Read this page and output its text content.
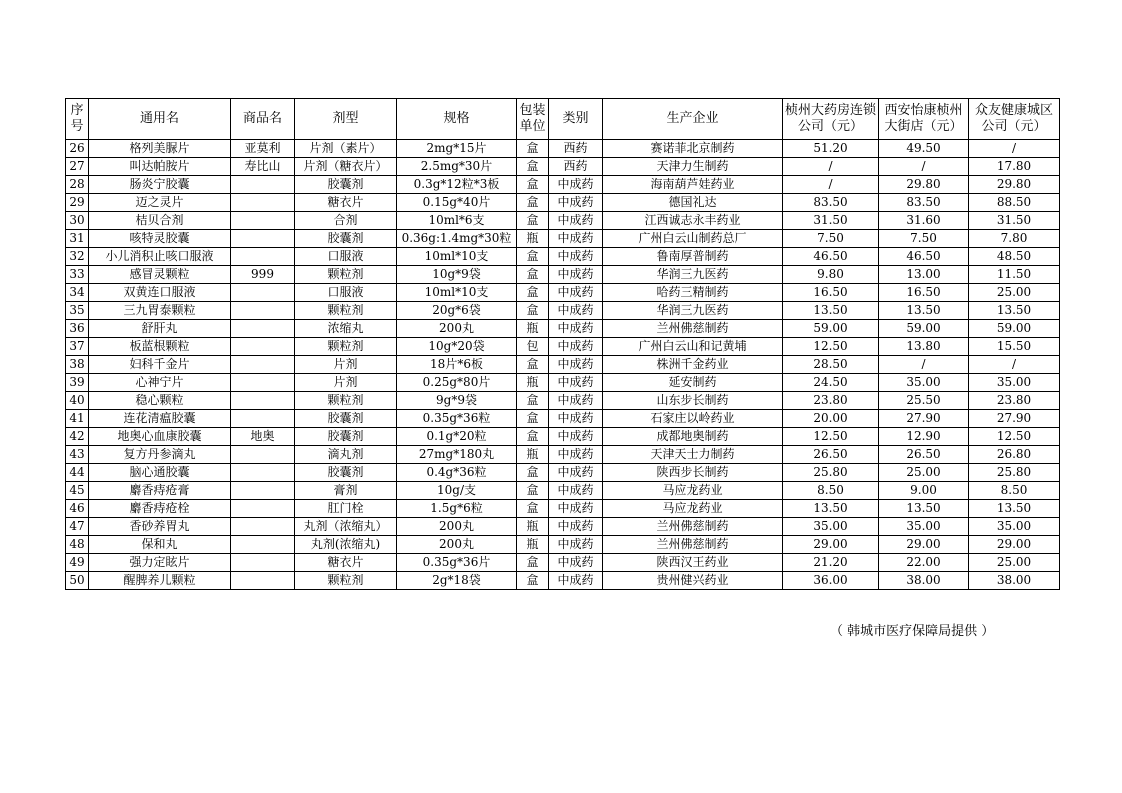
序号	通用名	商品名	剂型	规格	包装单位	类别	生产企业	桢州大药房连锁公司（元）	西安怡康桢州大街店（元）	众友健康城区公司（元）
26	格列美脲片	亚莫利	片剂（素片）	2mg*15片	盒	西药	赛诺菲北京制药	51.20	49.50	/
27	叫达帕胺片	寿比山	片剂（糖衣片）	2.5mg*30片	盒	西药	天津力生制药	/	/	17.80
28	肠炎宁胶囊		胶囊剂	0.3g*12粒*3板	盒	中成药	海南葫芦娃药业	/	29.80	29.80
29	迈之灵片		糖衣片	0.15g*40片	盒	中成药	德国礼达	83.50	83.50	88.50
30	桔贝合剂		合剂	10ml*6支	盒	中成药	江西诚志永丰药业	31.50	31.60	31.50
31	咳特灵胶囊		胶囊剂	0.36g:1.4mg*30粒	瓶	中成药	广州白云山制药总厂	7.50	7.50	7.80
32	小儿消积止咳口服液		口服液	10ml*10支	盒	中成药	鲁南厚普制药	46.50	46.50	48.50
33	感冒灵颗粒	999	颗粒剂	10g*9袋	盒	中成药	华润三九医药	9.80	13.00	11.50
34	双黄连口服液		口服液	10ml*10支	盒	中成药	哈药三精制药	16.50	16.50	25.00
35	三九胃泰颗粒		颗粒剂	20g*6袋	盒	中成药	华润三九医药	13.50	13.50	13.50
36	舒肝丸		浓缩丸	200丸	瓶	中成药	兰州佛慈制药	59.00	59.00	59.00
37	板蓝根颗粒		颗粒剂	10g*20袋	包	中成药	广州白云山和记黄埔	12.50	13.80	15.50
38	妇科千金片		片剂	18片*6板	盒	中成药	株洲千金药业	28.50	/	/
39	心神宁片		片剂	0.25g*80片	瓶	中成药	延安制药	24.50	35.00	35.00
40	稳心颗粒		颗粒剂	9g*9袋	盒	中成药	山东步长制药	23.80	25.50	23.80
41	连花清瘟胶囊		胶囊剂	0.35g*36粒	盒	中成药	石家庄以岭药业	20.00	27.90	27.90
42	地奥心血康胶囊	地奥	胶囊剂	0.1g*20粒	盒	中成药	成都地奥制药	12.50	12.90	12.50
43	复方丹参滴丸		滴丸剂	27mg*180丸	瓶	中成药	天津天士力制药	26.50	26.50	26.80
44	脑心通胶囊		胶囊剂	0.4g*36粒	盒	中成药	陕西步长制药	25.80	25.00	25.80
45	麝香痔疮膏		膏剂	10g/支	盒	中成药	马应龙药业	8.50	9.00	8.50
46	麝香痔疮栓		肛门栓	1.5g*6粒	盒	中成药	马应龙药业	13.50	13.50	13.50
47	香砂养胃丸		丸剂（浓缩丸）	200丸	瓶	中成药	兰州佛慈制药	35.00	35.00	35.00
48	保和丸		丸剂(浓缩丸)	200丸	瓶	中成药	兰州佛慈制药	29.00	29.00	29.00
49	强力定眩片		糖衣片	0.35g*36片	盒	中成药	陕西汉王药业	21.20	22.00	25.00
50	醒脾养儿颗粒		颗粒剂	2g*18袋	盒	中成药	贵州健兴药业	36.00	38.00	38.00
（ 韩城市医疗保障局提供 ）
